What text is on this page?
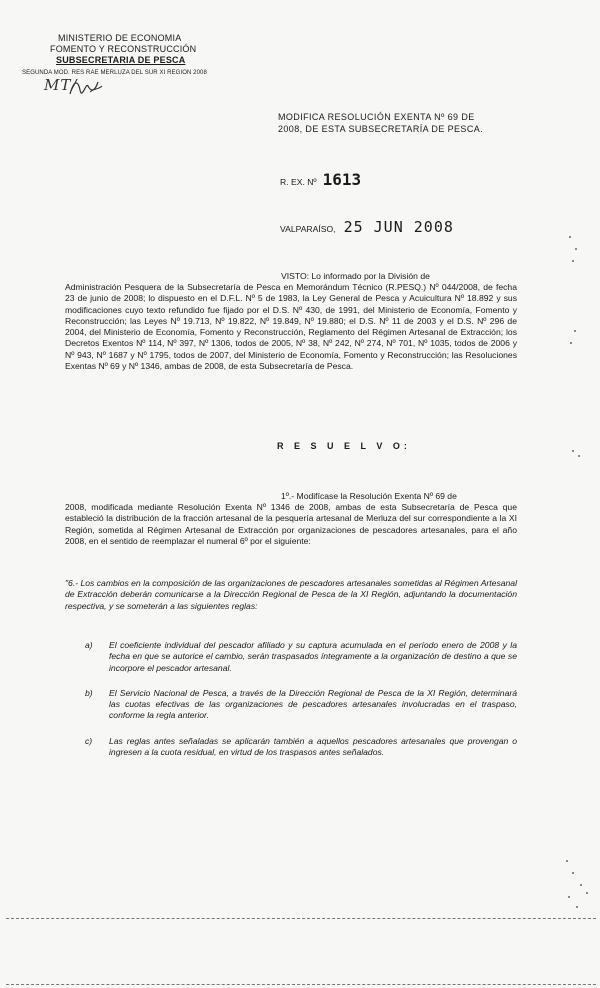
MINISTERIO DE ECONOMIA
FOMENTO Y RECONSTRUCCIÓN
SUBSECRETARIA DE PESCA
SEGUNDA MOD. RES RAE MERLUZA DEL SUR XI REGION 2008
MT/
MODIFICA RESOLUCIÓN EXENTA Nº 69 DE
2008, DE ESTA SUBSECRETARÍA DE PESCA.
R. EX. Nº 1613
VALPARAÍSO, 25 JUN 2008
VISTO: Lo informado por la División de
Administración Pesquera de la Subsecretaría de Pesca en Memorándum Técnico (R.PESQ.) Nº 044/2008, de fecha 23 de junio de 2008; lo dispuesto en el D.F.L. Nº 5 de 1983, la Ley General de Pesca y Acuicultura Nº 18.892 y sus modificaciones cuyo texto refundido fue fijado por el D.S. Nº 430, de 1991, del Ministerio de Economía, Fomento y Reconstrucción; las Leyes Nº 19.713, Nº 19.822, Nº 19.849, Nº 19.880; el D.S. Nº 11 de 2003 y el D.S. Nº 296 de 2004, del Ministerio de Economía, Fomento y Reconstrucción, Reglamento del Régimen Artesanal de Extracción; los Decretos Exentos Nº 114, Nº 397, Nº 1306, todos de 2005, Nº 38, Nº 242, Nº 274, Nº 701, Nº 1035, todos de 2006 y Nº 943, Nº 1687 y Nº 1795, todos de 2007, del Ministerio de Economía, Fomento y Reconstrucción; las Resoluciones Exentas Nº 69 y Nº 1346, ambas de 2008, de esta Subsecretaría de Pesca.
R E S U E L V O:
1º.- Modifícase la Resolución Exenta Nº 69 de
2008, modificada mediante Resolución Exenta Nº 1346 de 2008, ambas de esta Subsecretaría de Pesca que estableció la distribución de la fracción artesanal de la pesquería artesanal de Merluza del sur correspondiente a la XI Región, sometida al Régimen Artesanal de Extracción por organizaciones de pescadores artesanales, para el año 2008, en el sentido de reemplazar el numeral 6º por el siguiente:
"6.- Los cambios en la composición de las organizaciones de pescadores artesanales sometidas al Régimen Artesanal de Extracción deberán comunicarse a la Dirección Regional de Pesca de la XI Región, adjuntando la documentación respectiva, y se someterán a las siguientes reglas:
a)	El coeficiente individual del pescador afiliado y su captura acumulada en el período enero de 2008 y la fecha en que se autorice el cambio, serán traspasados íntegramente a la organización de destino a que se incorpore el pescador artesanal.
b)	El Servicio Nacional de Pesca, a través de la Dirección Regional de Pesca de la XI Región, determinará las cuotas efectivas de las organizaciones de pescadores artesanales involucradas en el traspaso, conforme la regla anterior.
c)	Las reglas antes señaladas se aplicarán también a aquellos pescadores artesanales que provengan o ingresen a la cuota residual, en virtud de los traspasos antes señalados.
